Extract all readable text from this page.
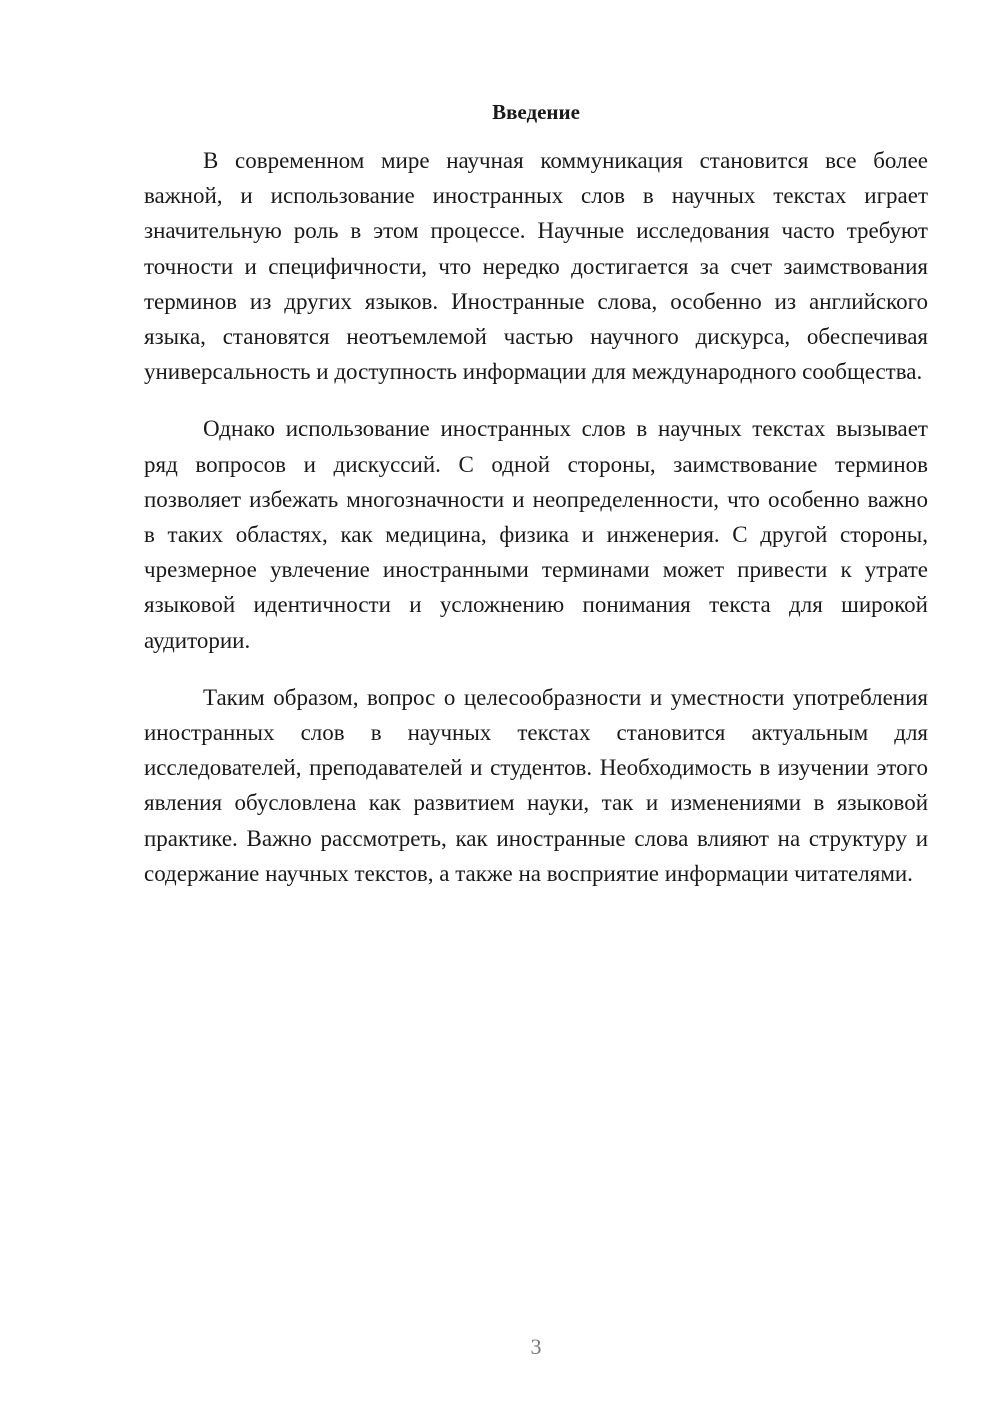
Введение

В современном мире научная коммуникация становится все более важной, и использование иностранных слов в научных текстах играет значительную роль в этом процессе. Научные исследования часто требуют точности и специфичности, что нередко достигается за счет заимствования терминов из других языков. Иностранные слова, особенно из английского языка, становятся неотъемлемой частью научного дискурса, обеспечивая универсальность и доступность информации для международного сообщества.

Однако использование иностранных слов в научных текстах вызывает ряд вопросов и дискуссий. С одной стороны, заимствование терминов позволяет избежать многозначности и неопределенности, что особенно важно в таких областях, как медицина, физика и инженерия. С другой стороны, чрезмерное увлечение иностранными терминами может привести к утрате языковой идентичности и усложнению понимания текста для широкой аудитории.

Таким образом, вопрос о целесообразности и уместности употребления иностранных слов в научных текстах становится актуальным для исследователей, преподавателей и студентов. Необходимость в изучении этого явления обусловлена как развитием науки, так и изменениями в языковой практике. Важно рассмотреть, как иностранные слова влияют на структуру и содержание научных текстов, а также на восприятие информации читателями.

3
